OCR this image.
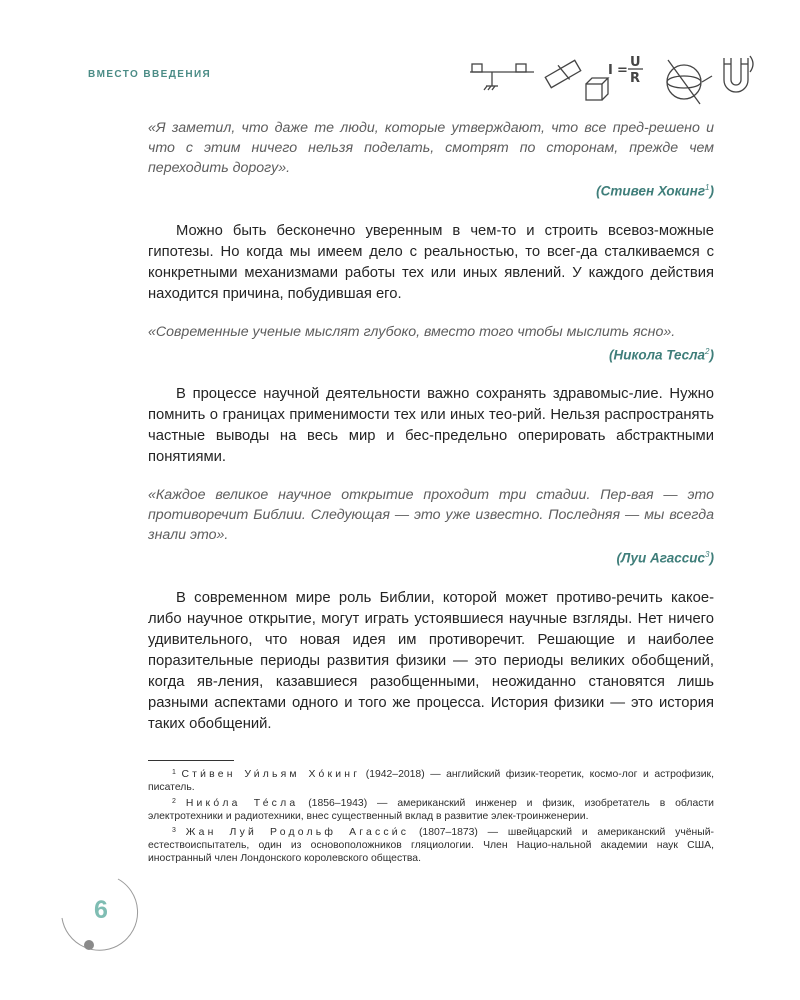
ВМЕСТО ВВЕДЕНИЯ	I =
U
R
«Я заметил, что даже те люди, которые утверждают, что все пред-решено и что с этим ничего нельзя поделать, смотрят по сторонам, прежде чем переходить дорогу».
(Стивен Хокинг$^1$)

Можно быть бесконечно уверенным в чем-то и строить всевоз-можные гипотезы. Но когда мы имеем дело с реальностью, то всег-да сталкиваемся с конкретными механизмами работы тех или иных явлений. У каждого действия находится причина, побудившая его.

«Современные ученые мыслят глубоко, вместо того чтобы мыслить ясно».
(Никола Тесла$^2$)

В процессе научной деятельности важно сохранять здравомыс-лие. Нужно помнить о границах применимости тех или иных тео-рий. Нельзя распространять частные выводы на весь мир и бес-предельно оперировать абстрактными понятиями.

«Каждое великое научное открытие проходит три стадии. Пер-вая — это противоречит Библии. Следующая — это уже известно. Последняя — мы всегда знали это».
(Луи Агассис$^3$)

В современном мире роль Библии, которой может противо-речить какое-либо научное открытие, могут играть устоявшиеся научные взгляды. Нет ничего удивительного, что новая идея им противоречит. Решающие и наиболее поразительные периоды развития физики — это периоды великих обобщений, когда яв-ления, казавшиеся разобщенными, неожиданно становятся лишь разными аспектами одного и того же процесса. История физики — это история таких обобщений.

$^1$ Сти́вен Уи́льям Хо́кинг (1942–2018) — английский физик-теоретик, космо-лог и астрофизик, писатель.

$^2$ Нико́ла Те́сла (1856–1943) — американский инженер и физик, изобретатель в области электротехники и радиотехники, внес существенный вклад в развитие элек-троинженерии.

$^3$ Жан Луй Родольф Агасси́с (1807–1873) — швейцарский и американский учёный-естествоиспытатель, один из основоположников гляциологии. Член Нацио-нальной академии наук США, иностранный член Лондонского королевского общества.

6
